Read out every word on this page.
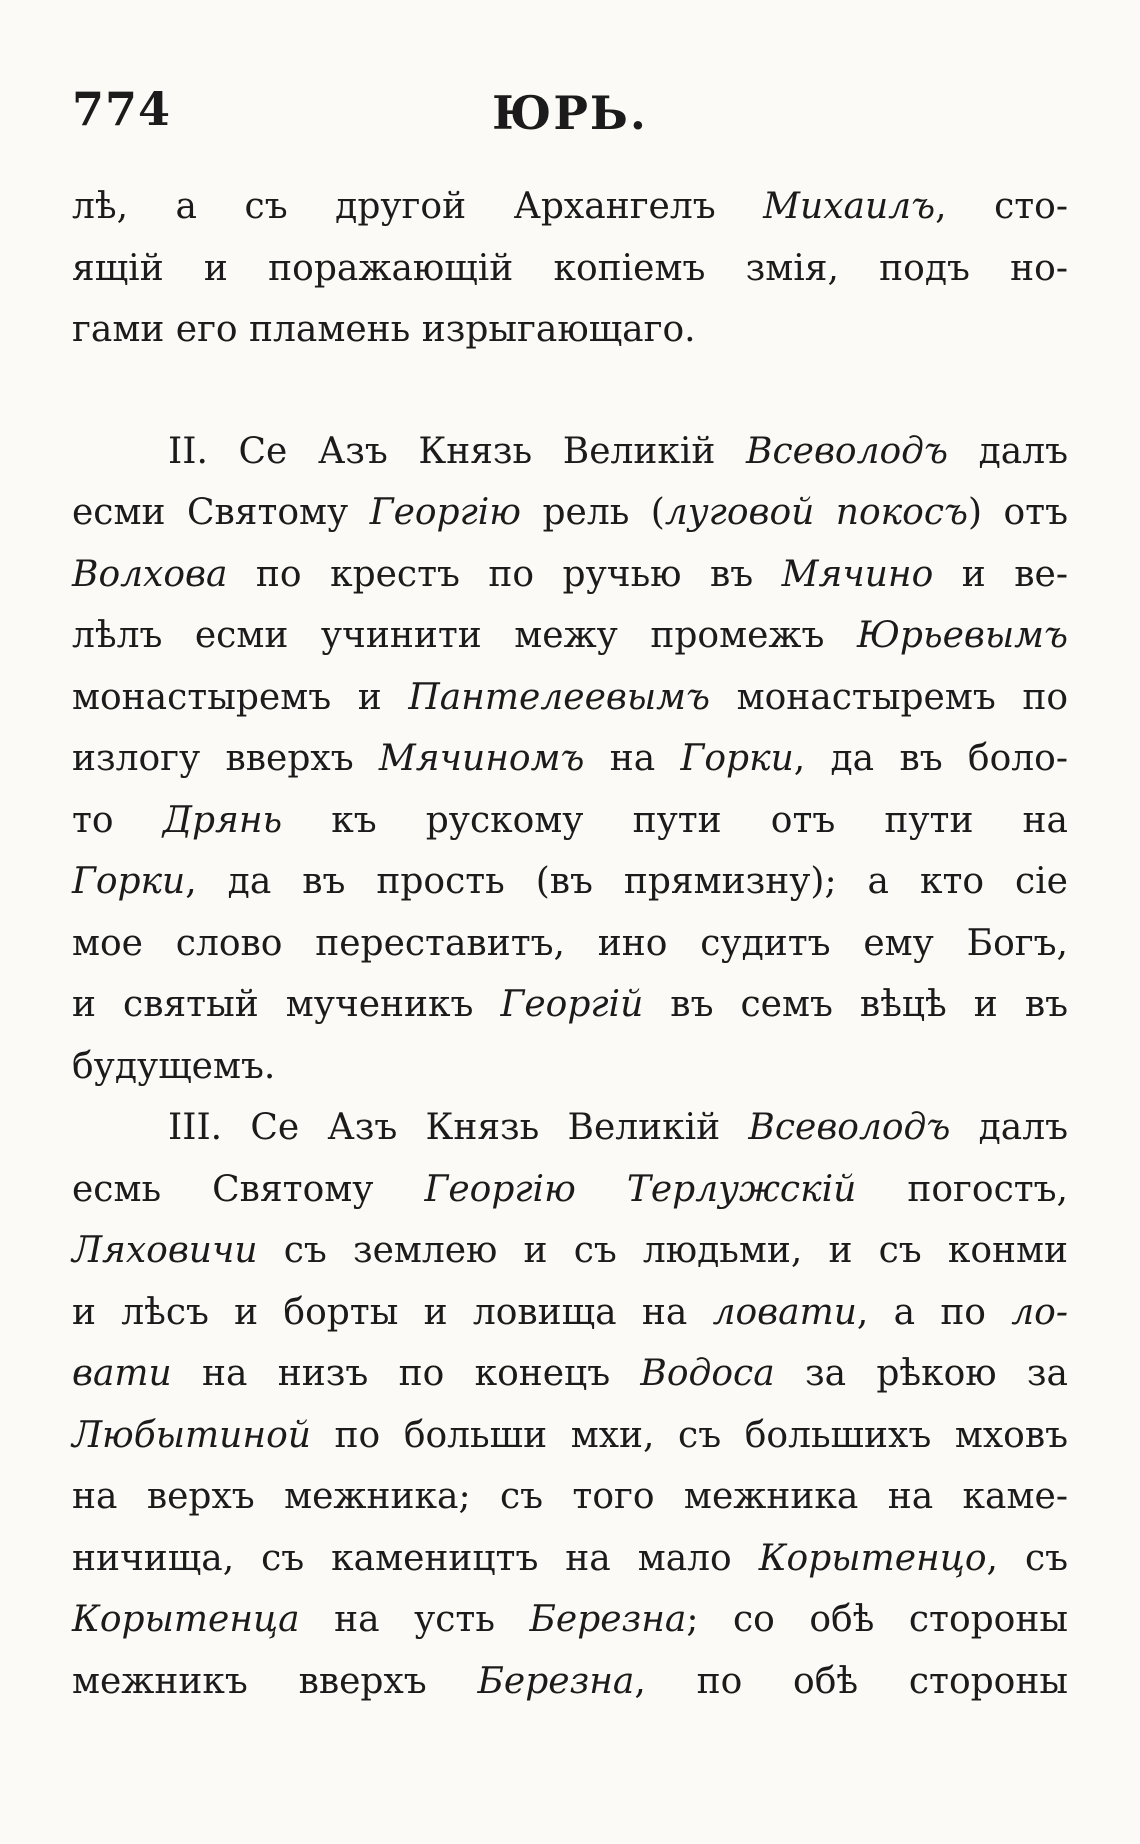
774	ЮРЬ.

лѣ, а съ другой Архангелъ Михаилъ, сто-
ящій и поражающій копіемъ змія, подъ но-
гами его пламень изрыгающаго.

II. Се Азъ Князь Великій Всеволодъ далъ
есми Святому Георгію рель (луговой покосъ) отъ
Волхова по крестъ по ручью въ Мячино и ве-
лѣлъ есми учинити межу промежъ Юрьевымъ
монастыремъ и Пантелеевымъ монастыремъ по
излогу вверхъ Мячиномъ на Горки, да въ боло-
то Дрянь къ рускому пути отъ пути на
Горки, да въ прость (въ прямизну); а кто сіе
мое слово переставитъ, ино судитъ ему Богъ,
и святый мученикъ Георгій въ семъ вѣцѣ и въ
будущемъ.

III. Се Азъ Князь Великій Всеволодъ далъ
есмь Святому Георгію Терлужскій погостъ,
Ляховичи съ землею и съ людьми, и съ конми
и лѣсъ и борты и ловища на ловати, а по ло-
вати на низъ по конецъ Водоса за рѣкою за
Любытиной по больши мхи, съ большихъ мховъ
на верхъ межника; съ того межника на каме-
ничища, съ камеництъ на мало Корытенцо, съ
Корытенца на усть Березна; со обѣ стороны
межникъ вверхъ Березна, по обѣ стороны
